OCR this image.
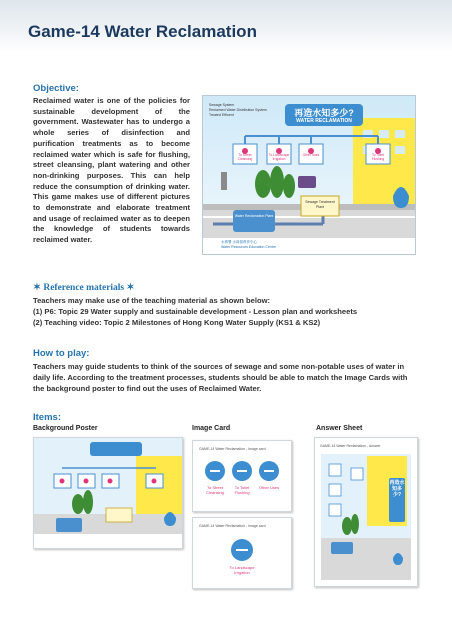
Game-14 Water Reclamation
Objective:

Reclaimed water is one of the policies for sustainable development of the government. Wastewater has to undergo a whole series of disinfection and purification treatments as to become reclaimed water which is safe for flushing, street cleansing, plant watering and other non-drinking purposes. This can help reduce the consumption of drinking water. This game makes use of different pictures to demonstrate and elaborate treatment and usage of reclaimed water as to deepen the knowledge of students towards reclaimed water.

再造水知多少?
WATER RECLAMATION
Sewage System
Reclaimed Water Distribution System
Treated Effluent
To Street Cleansing
To Landscape Irrigation
Other Uses	To Toilet Flushing
Water Reclamation Plant
Sewage Treatment Plant
水務署 水資源教育中心
Water Resources Education Centre
✶ Reference materials ✶
Teachers may make use of the teaching material as shown below:
(1) P6: Topic 29 Water supply and sustainable development - Lesson plan and worksheets
(2) Teaching video: Topic 2 Milestones of Hong Kong Water Supply (KS1 & KS2)
How to play:

Teachers may guide students to think of the sources of sewage and some non-potable uses of water in daily life. According to the treatment processes, students should be able to match the Image Cards with the background poster to find out the uses of Reclaimed Water.

Items:
Background Poster	Image Card	Answer Sheet
GAME-14 Water Reclamation - Image card
To Street Cleansing
To Toilet Flushing
Other Uses
GAME-14 Water Reclamation - Image card
To Landscape Irrigation
GAME-14 Water Reclamation - Answer
再造水知多少?
